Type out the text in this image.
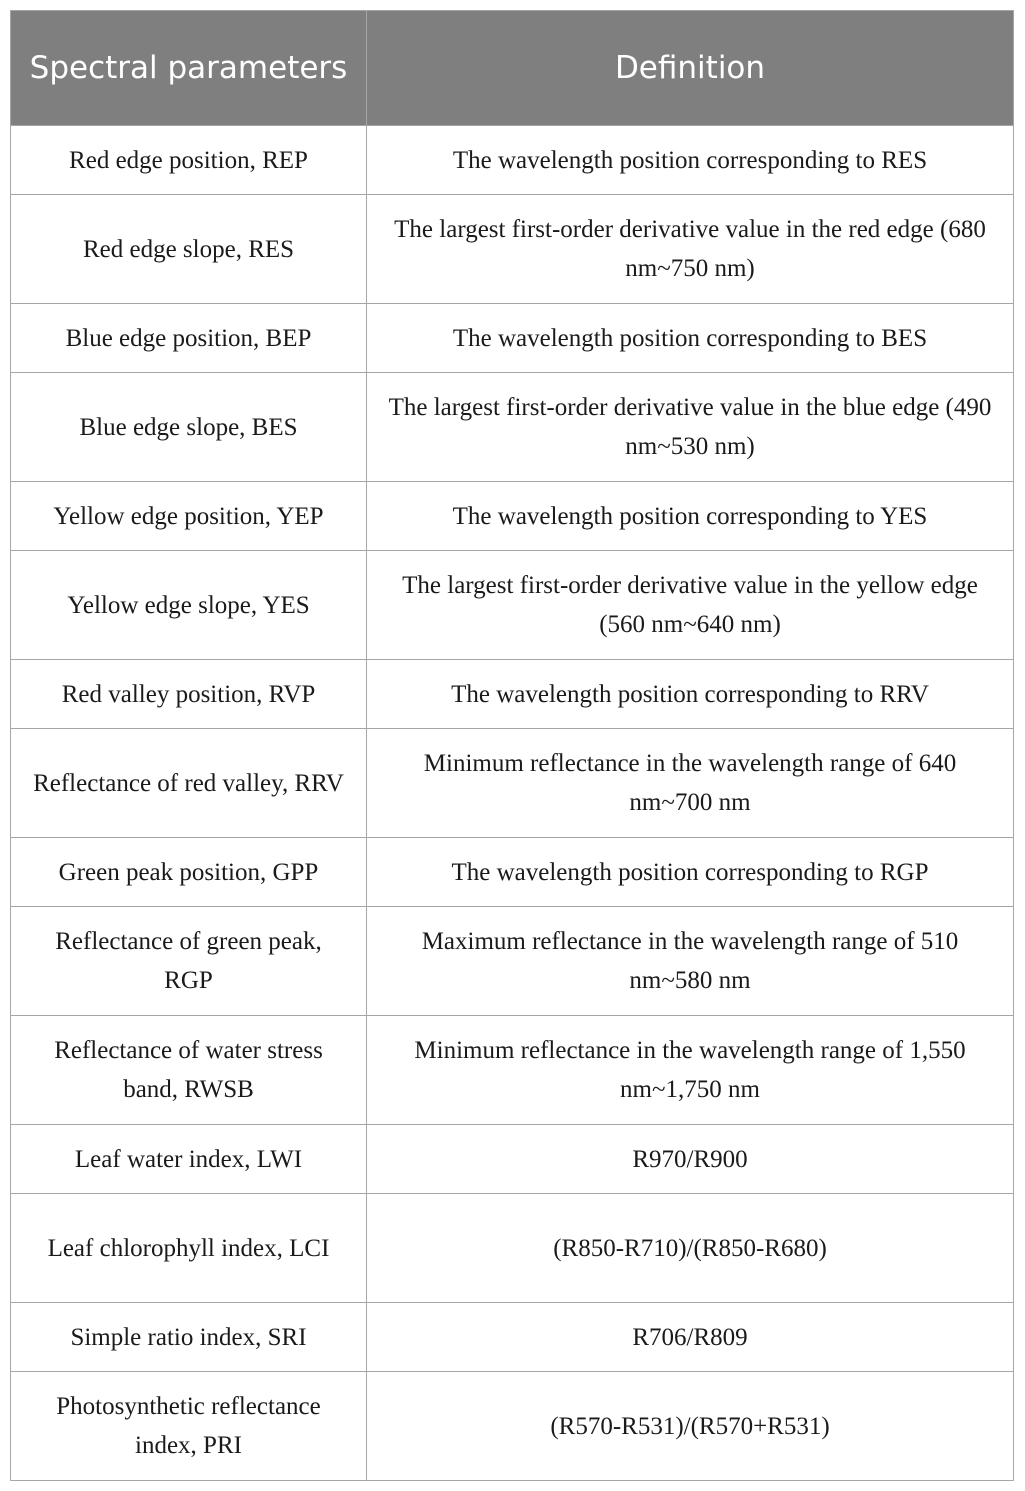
Spectral parameters	Definition
Red edge position, REP	The wavelength position corresponding to RES
Red edge slope, RES	The largest first-order derivative value in the red edge (680 nm~750 nm)
Blue edge position, BEP	The wavelength position corresponding to BES
Blue edge slope, BES	The largest first-order derivative value in the blue edge (490 nm~530 nm)
Yellow edge position, YEP	The wavelength position corresponding to YES
Yellow edge slope, YES	The largest first-order derivative value in the yellow edge (560 nm~640 nm)
Red valley position, RVP	The wavelength position corresponding to RRV
Reflectance of red valley, RRV	Minimum reflectance in the wavelength range of 640 nm~700 nm
Green peak position, GPP	The wavelength position corresponding to RGP
Reflectance of green peak, RGP	Maximum reflectance in the wavelength range of 510 nm~580 nm
Reflectance of water stress band, RWSB	Minimum reflectance in the wavelength range of 1,550 nm~1,750 nm
Leaf water index, LWI	R970/R900
Leaf chlorophyll index, LCI	(R850-R710)/(R850-R680)
Simple ratio index, SRI	R706/R809
Photosynthetic reflectance index, PRI	(R570-R531)/(R570+R531)
